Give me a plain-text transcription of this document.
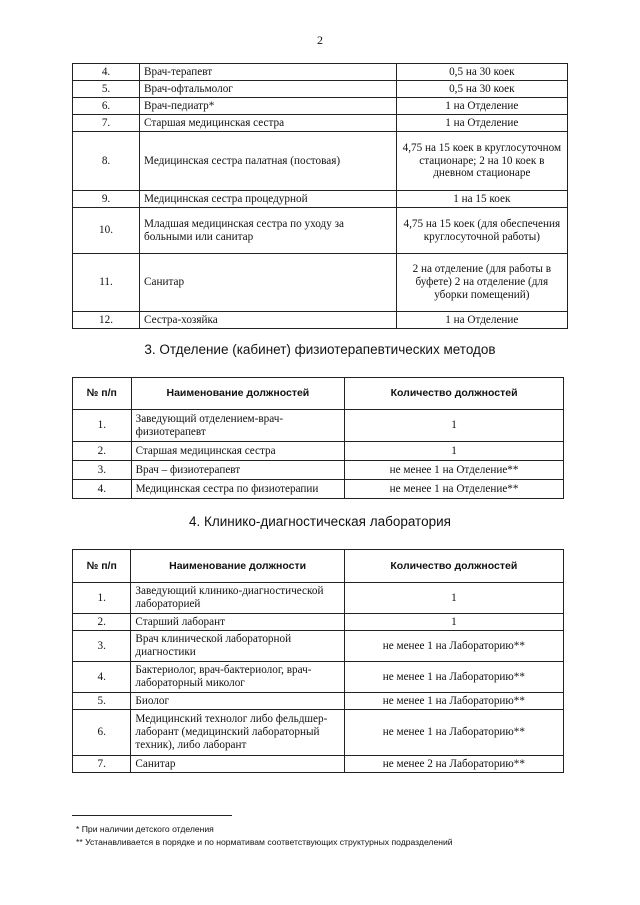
2
4.	Врач-терапевт	0,5 на 30 коек
5.	Врач-офтальмолог	0,5 на 30 коек
6.	Врач-педиатр*	1 на Отделение
7.	Старшая медицинская сестра	1 на Отделение
8.	Медицинская сестра палатная (постовая)	4,75 на 15 коек в круглосуточном стационаре; 2 на 10 коек в дневном стационаре
9.	Медицинская сестра процедурной	1 на 15 коек
10.	Младшая медицинская сестра по уходу за больными или санитар	4,75 на 15 коек (для обеспечения круглосуточной работы)
11.	Санитар	2 на отделение (для работы в буфете) 2 на отделение (для уборки помещений)
12.	Сестра-хозяйка	1 на Отделение
3. Отделение (кабинет) физиотерапевтических методов
№ п/п	Наименование должностей	Количество должностей
1.	Заведующий отделением-врач-физиотерапевт	1
2.	Старшая медицинская сестра	1
3.	Врач – физиотерапевт	не менее 1 на Отделение**
4.	Медицинская сестра по физиотерапии	не менее 1 на Отделение**
4. Клинико-диагностическая лаборатория
№ п/п	Наименование должности	Количество должностей
1.	Заведующий клинико-диагностической лабораторией	1
2.	Старший лаборант	1
3.	Врач клинической лабораторной диагностики	не менее 1 на Лабораторию**
4.	Бактериолог, врач-бактериолог, врач-лабораторный миколог	не менее 1 на Лабораторию**
5.	Биолог	не менее 1 на Лабораторию**
6.	Медицинский технолог либо фельдшер-лаборант (медицинский лабораторный техник), либо лаборант	не менее 1 на Лабораторию**
7.	Санитар	не менее 2 на Лабораторию**
* При наличии детского отделения
** Устанавливается в порядке и по нормативам соответствующих структурных подразделений
